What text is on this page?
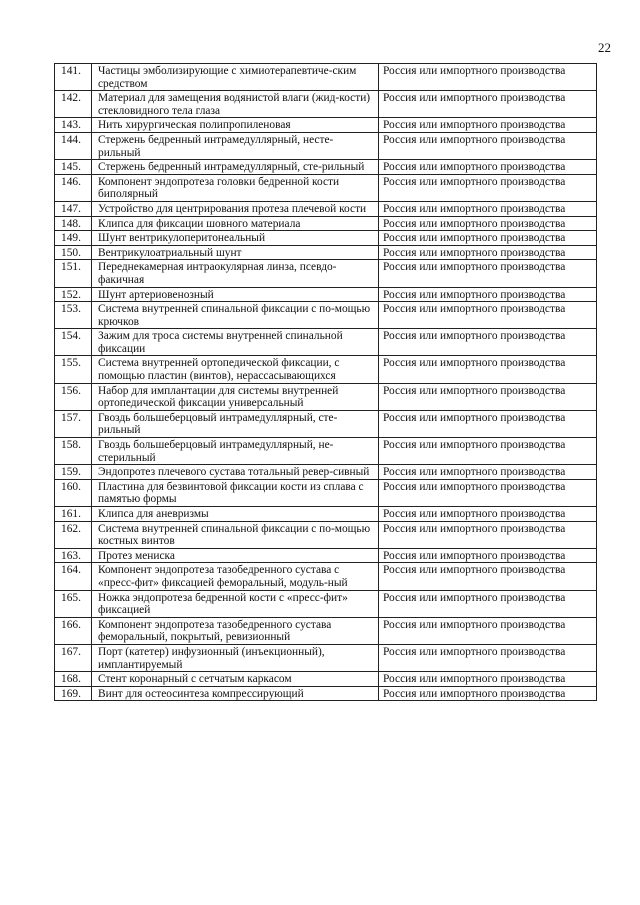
22
141.	Частицы эмболизирующие с химиотерапевтиче-ским средством	Россия или импортного производства
142.	Материал для замещения водянистой влаги (жид-кости) стекловидного тела глаза	Россия или импортного производства
143.	Нить хирургическая полипропиленовая	Россия или импортного производства
144.	Стержень бедренный интрамедуллярный, несте-рильный	Россия или импортного производства
145.	Стержень бедренный интрамедуллярный, сте-рильный	Россия или импортного производства
146.	Компонент эндопротеза головки бедренной кости биполярный	Россия или импортного производства
147.	Устройство для центрирования протеза плечевой кости	Россия или импортного производства
148.	Клипса для фиксации шовного материала	Россия или импортного производства
149.	Шунт вентрикулоперитонеальный	Россия или импортного производства
150.	Вентрикулоатриальный шунт	Россия или импортного производства
151.	Переднекамерная интраокулярная линза, псевдо-факичная	Россия или импортного производства
152.	Шунт артериовенозный	Россия или импортного производства
153.	Система внутренней спинальной фиксации с по-мощью крючков	Россия или импортного производства
154.	Зажим для троса системы внутренней спинальной фиксации	Россия или импортного производства
155.	Система внутренней ортопедической фиксации, с помощью пластин (винтов), нерассасывающихся	Россия или импортного производства
156.	Набор для имплантации для системы внутренней ортопедической фиксации универсальный	Россия или импортного производства
157.	Гвоздь большеберцовый интрамедуллярный, сте-рильный	Россия или импортного производства
158.	Гвоздь большеберцовый интрамедуллярный, не-стерильный	Россия или импортного производства
159.	Эндопротез плечевого сустава тотальный ревер-сивный	Россия или импортного производства
160.	Пластина для безвинтовой фиксации кости из сплава с памятью формы	Россия или импортного производства
161.	Клипса для аневризмы	Россия или импортного производства
162.	Система внутренней спинальной фиксации с по-мощью костных винтов	Россия или импортного производства
163.	Протез мениска	Россия или импортного производства
164.	Компонент эндопротеза тазобедренного сустава с «пресс-фит» фиксацией феморальный, модуль-ный	Россия или импортного производства
165.	Ножка эндопротеза бедренной кости с «пресс-фит» фиксацией	Россия или импортного производства
166.	Компонент эндопротеза тазобедренного сустава феморальный, покрытый, ревизионный	Россия или импортного производства
167.	Порт (катетер) инфузионный (инъекционный), имплантируемый	Россия или импортного производства
168.	Стент коронарный с сетчатым каркасом	Россия или импортного производства
169.	Винт для остеосинтеза компрессирующий	Россия или импортного производства
